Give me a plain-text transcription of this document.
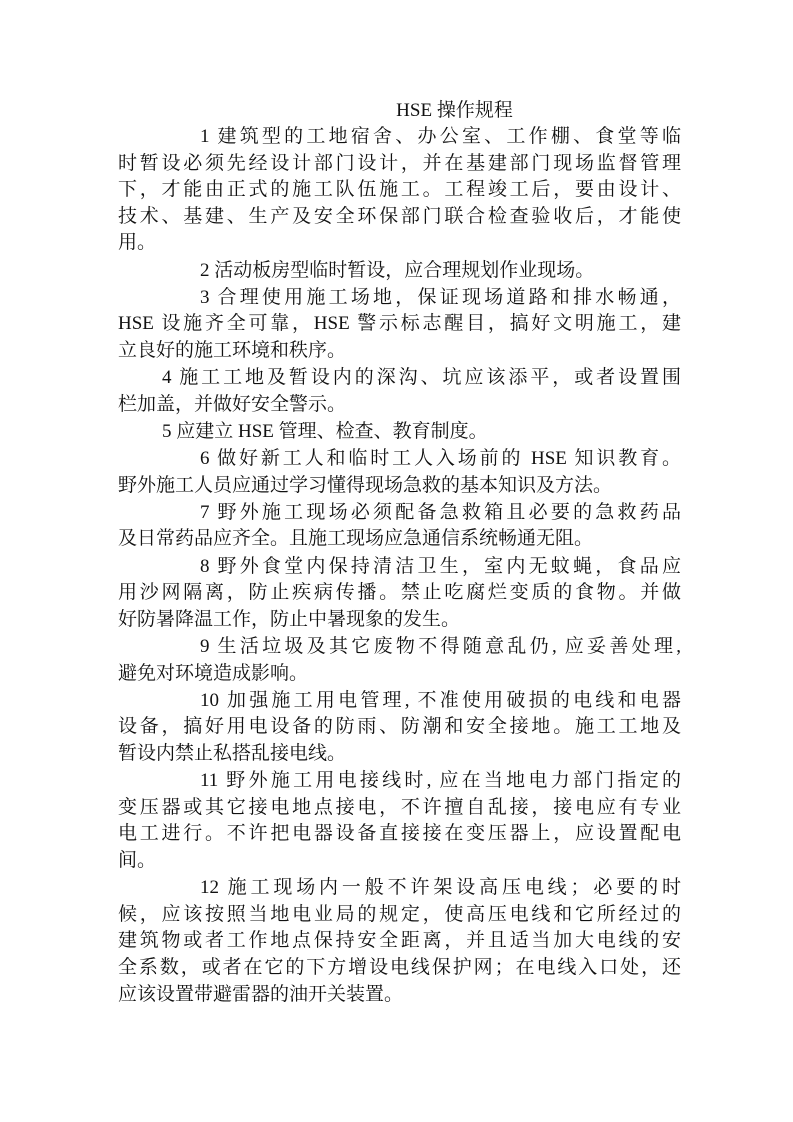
HSE 操作规程
1 建筑型的工地宿舍、办公室、工作棚、食堂等临
时暂设必须先经设计部门设计，并在基建部门现场监督管理
下，才能由正式的施工队伍施工。工程竣工后，要由设计、
技术、基建、生产及安全环保部门联合检查验收后，才能使
用。
2 活动板房型临时暂设，应合理规划作业现场。
3 合理使用施工场地，保证现场道路和排水畅通，
HSE 设施齐全可靠，HSE 警示标志醒目，搞好文明施工，建
立良好的施工环境和秩序。
4 施工工地及暂设内的深沟、坑应该添平，或者设置围
栏加盖，并做好安全警示。
5 应建立 HSE 管理、检查、教育制度。
6 做好新工人和临时工人入场前的 HSE 知识教育。
野外施工人员应通过学习懂得现场急救的基本知识及方法。
7 野外施工现场必须配备急救箱且必要的急救药品
及日常药品应齐全。且施工现场应急通信系统畅通无阻。
8 野外食堂内保持清洁卫生，室内无蚊蝇，食品应
用沙网隔离，防止疾病传播。禁止吃腐烂变质的食物。并做
好防暑降温工作，防止中暑现象的发生。
9 生活垃圾及其它废物不得随意乱仍, 应妥善处理,
避免对环境造成影响。
10 加强施工用电管理, 不准使用破损的电线和电器
设备，搞好用电设备的防雨、防潮和安全接地。施工工地及
暂设内禁止私搭乱接电线。
11 野外施工用电接线时, 应在当地电力部门指定的
变压器或其它接电地点接电，不许擅自乱接，接电应有专业
电工进行。不许把电器设备直接接在变压器上，应设置配电
间。
12 施工现场内一般不许架设高压电线；必要的时
候，应该按照当地电业局的规定，使高压电线和它所经过的
建筑物或者工作地点保持安全距离，并且适当加大电线的安
全系数，或者在它的下方增设电线保护网；在电线入口处，还
应该设置带避雷器的油开关装置。
